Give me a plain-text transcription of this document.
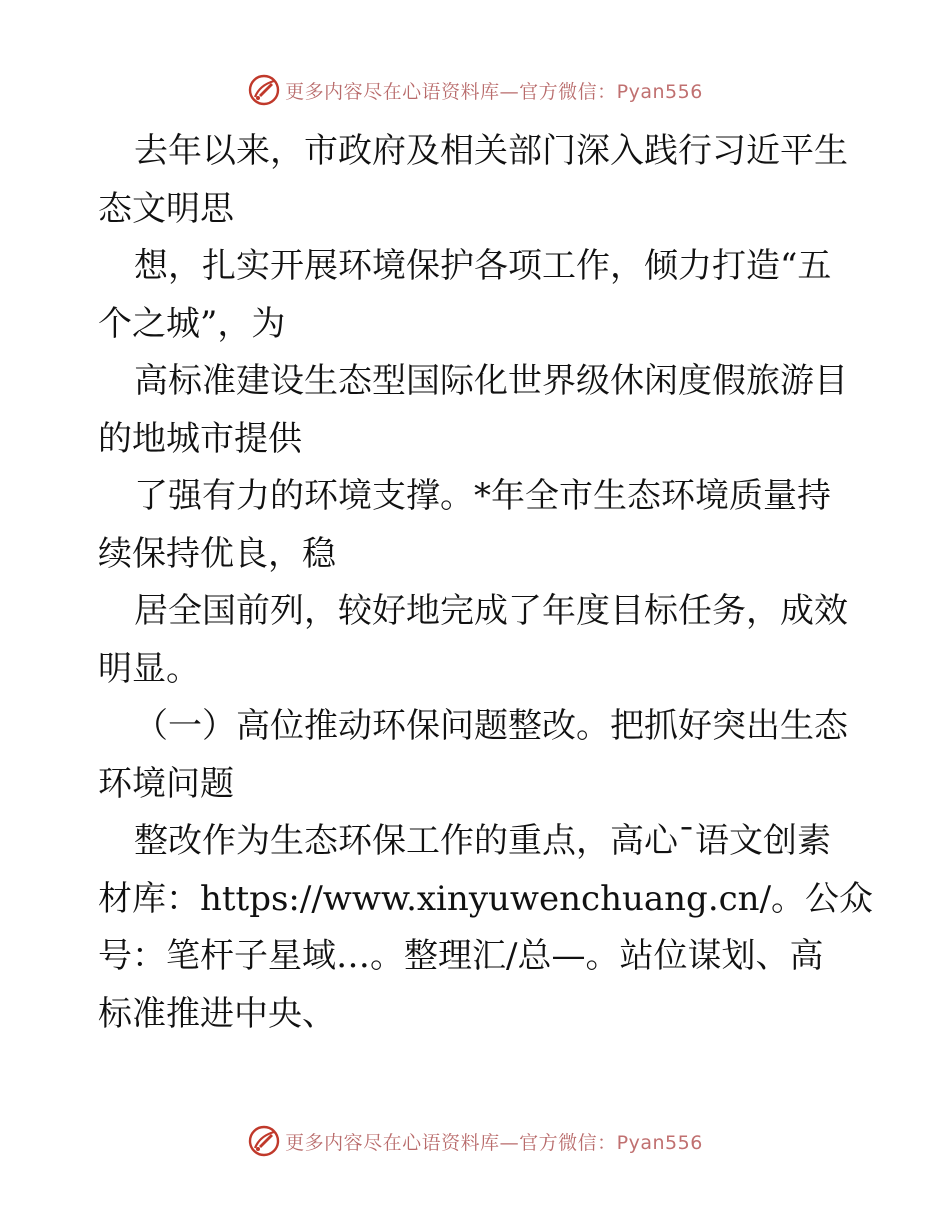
更多内容尽在心语资料库—官方微信：Pyan556
去年以来，市政府及相关部门深入践行习近平生
态文明思
想，扎实开展环境保护各项工作，倾力打造“五
个之城”，为
高标准建设生态型国际化世界级休闲度假旅游目
的地城市提供
了强有力的环境支撑。*年全市生态环境质量持
续保持优良，稳
居全国前列，较好地完成了年度目标任务，成效
明显。
（一）高位推动环保问题整改。把抓好突出生态
环境问题
整改作为生态环保工作的重点，高心¯语文创素
材库：https://www.xinyuwenchuang.cn/。公众
号：笔杆子星域…。整理汇/总—。站位谋划、高
标准推进中央、
更多内容尽在心语资料库—官方微信：Pyan556
